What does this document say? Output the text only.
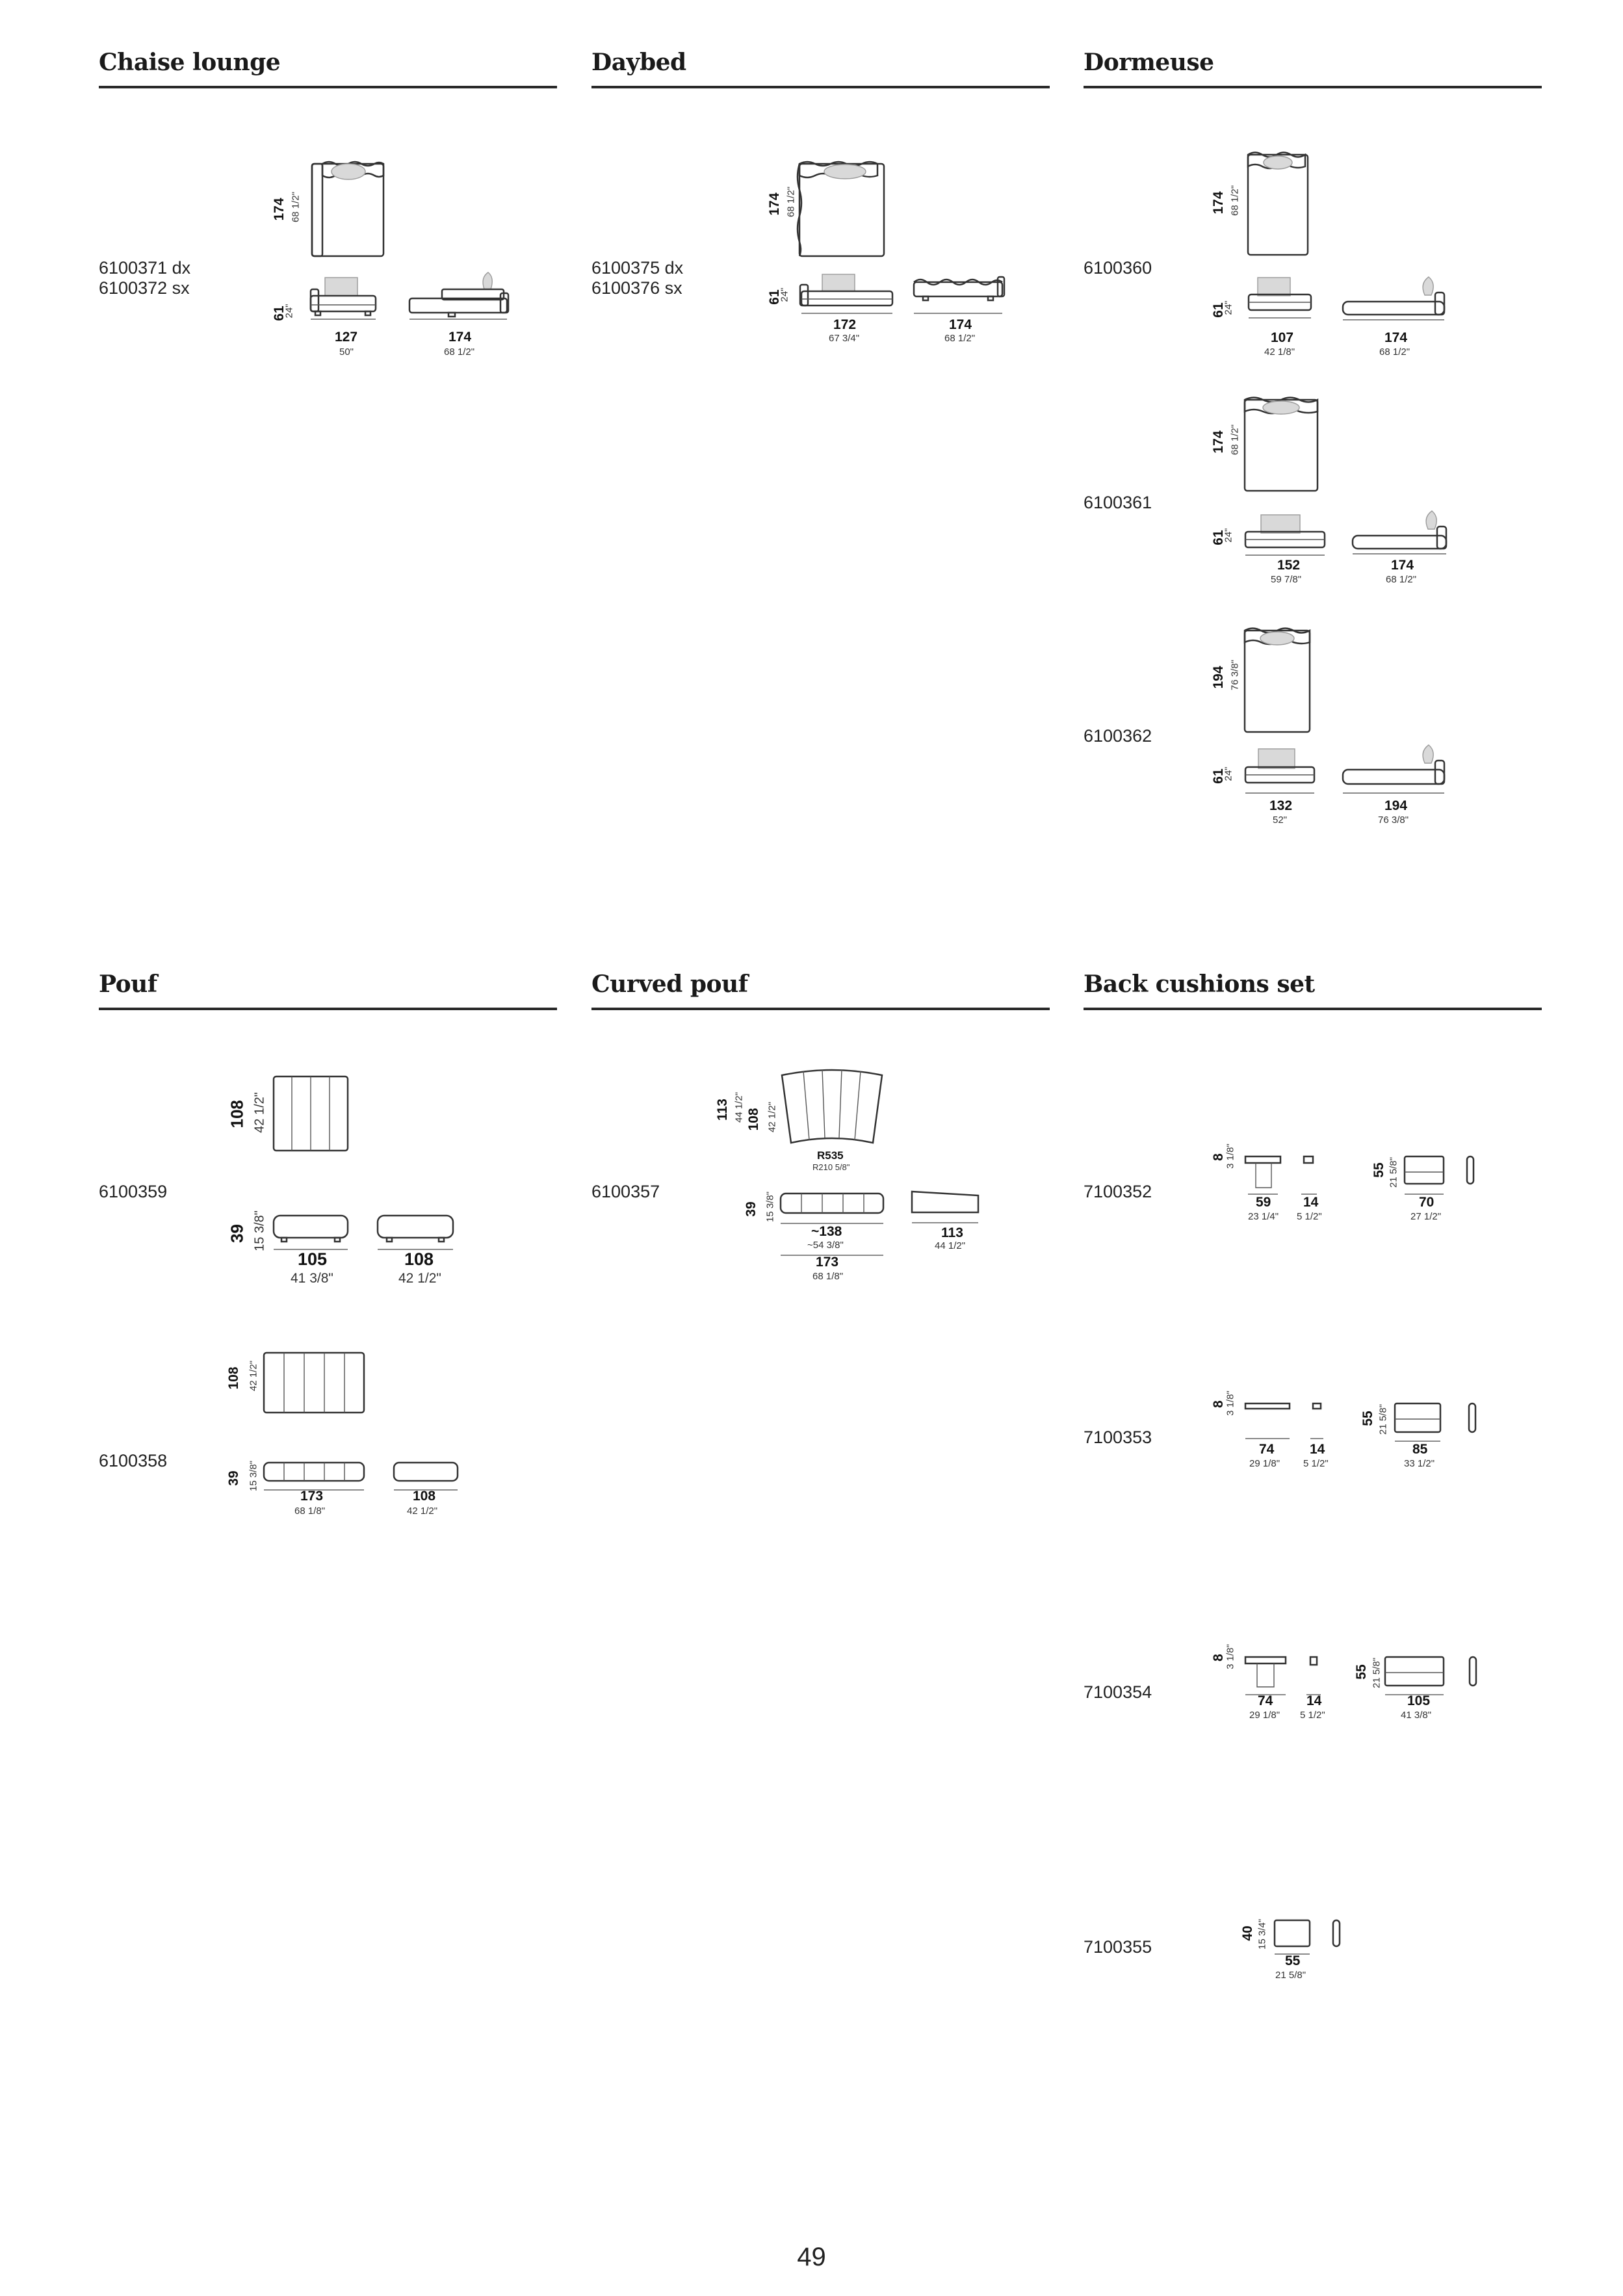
Chaise lounge
6100371 dx
6100372 sx
174 68 1/2"
61
24"
127
50"
174
68 1/2"
Daybed
6100375 dx
6100376 sx
174 68 1/2"
61
24"
172
67 3/4"
174
68 1/2"
Dormeuse
6100360
174 68 1/2"
61
24"
107
42 1/8"
174
68 1/2"
6100361
174 68 1/2"
61
24"
152
59 7/8"
174
68 1/2"
6100362
194 76 3/8"
61
24"
132
52"
194
76 3/8"
Pouf
6100359
108 42 1/2"
39 15 3/8"
105
41 3/8"
108
42 1/2"
6100358
108 42 1/2"
39 15 3/8"
173
68 1/8"
108
42 1/2"
Curved pouf
6100357
113 44 1/2" 108 42 1/2"
R535
R210 5/8"
39 15 3/8"
~138
~54 3/8"
173
68 1/8"
113
44 1/2"
Back cushions set
7100352
8
3 1/8"
59
23 1/4"
14
5 1/2"
55 21 5/8"
70
27 1/2"
7100353
8
3 1/8"
74
29 1/8"
14
5 1/2"
55 21 5/8"
85
33 1/2"
7100354
8
3 1/8"
74
29 1/8"
14
5 1/2"
55 21 5/8"
105
41 3/8"
7100355
40 15 3/4"
55
21 5/8"
49
